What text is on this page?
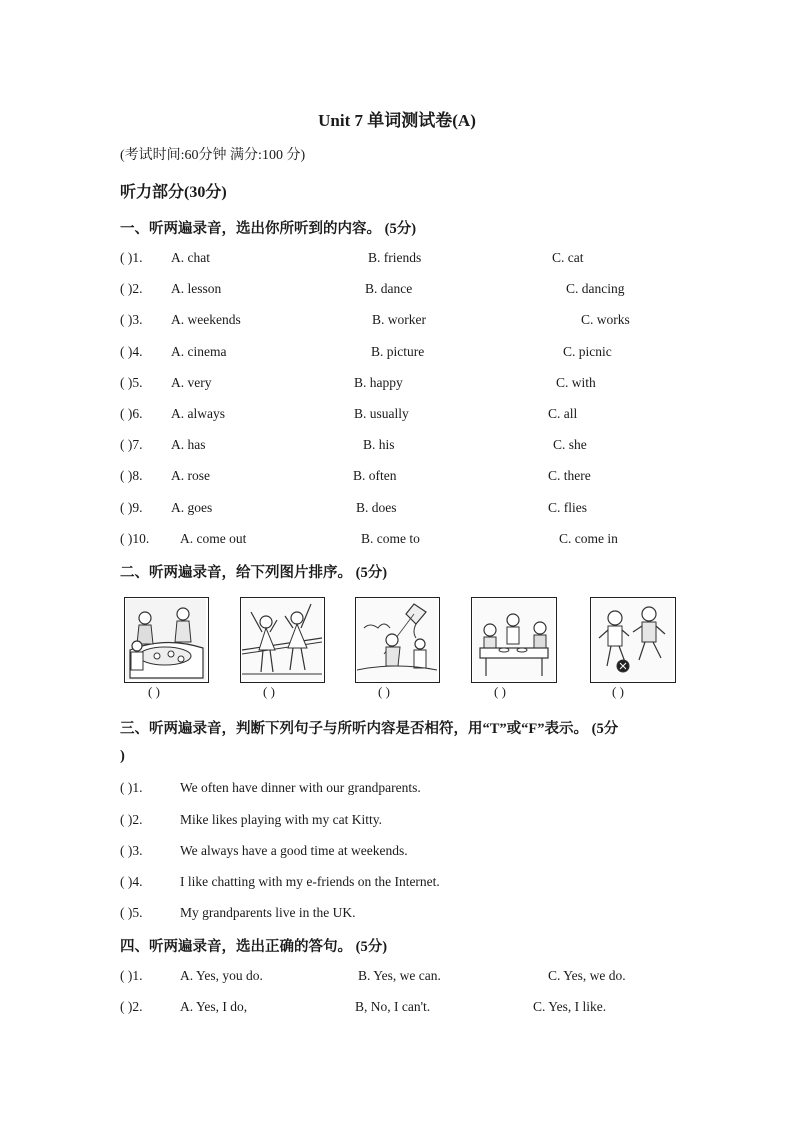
Unit 7 单词测试卷(A)
(考试时间:60分钟 满分:100 分)
听力部分(30分)
一、听两遍录音，选出你所听到的内容。 (5分)
( )1. A. chat	B. friends	C. cat
( )2. A. lesson	B. dance	C. dancing
( )3. A. weekends	B. worker	C. works
( )4. A. cinema	B. picture	C. picnic
( )5. A. very	B. happy	C. with
( )6. A. always	B. usually	C. all
( )7. A. has	B. his	C. she
( )8. A. rose	B. often	C. there
( )9. A. goes	B. does	C. flies
( )10. A. come out	B. come to	C. come in
二、听两遍录音，给下列图片排序。 (5分)
( )	( )	( )	( )	( )
三、听两遍录音，判断下列句子与所听内容是否相符，用“T”或“F”表示。 (5分
)
( )1.	We often have dinner with our grandparents.
( )2.	Mike likes playing with my cat Kitty.
( )3.	We always have a good time at weekends.
( )4.	I like chatting with my e-friends on the Internet.
( )5.	My grandparents live in the UK.
四、听两遍录音，选出正确的答句。 (5分)
( )1.	A. Yes, you do.	B. Yes, we can.	C. Yes, we do.
( )2.	A. Yes, I do,	B, No, I can't.	C. Yes, I like.
